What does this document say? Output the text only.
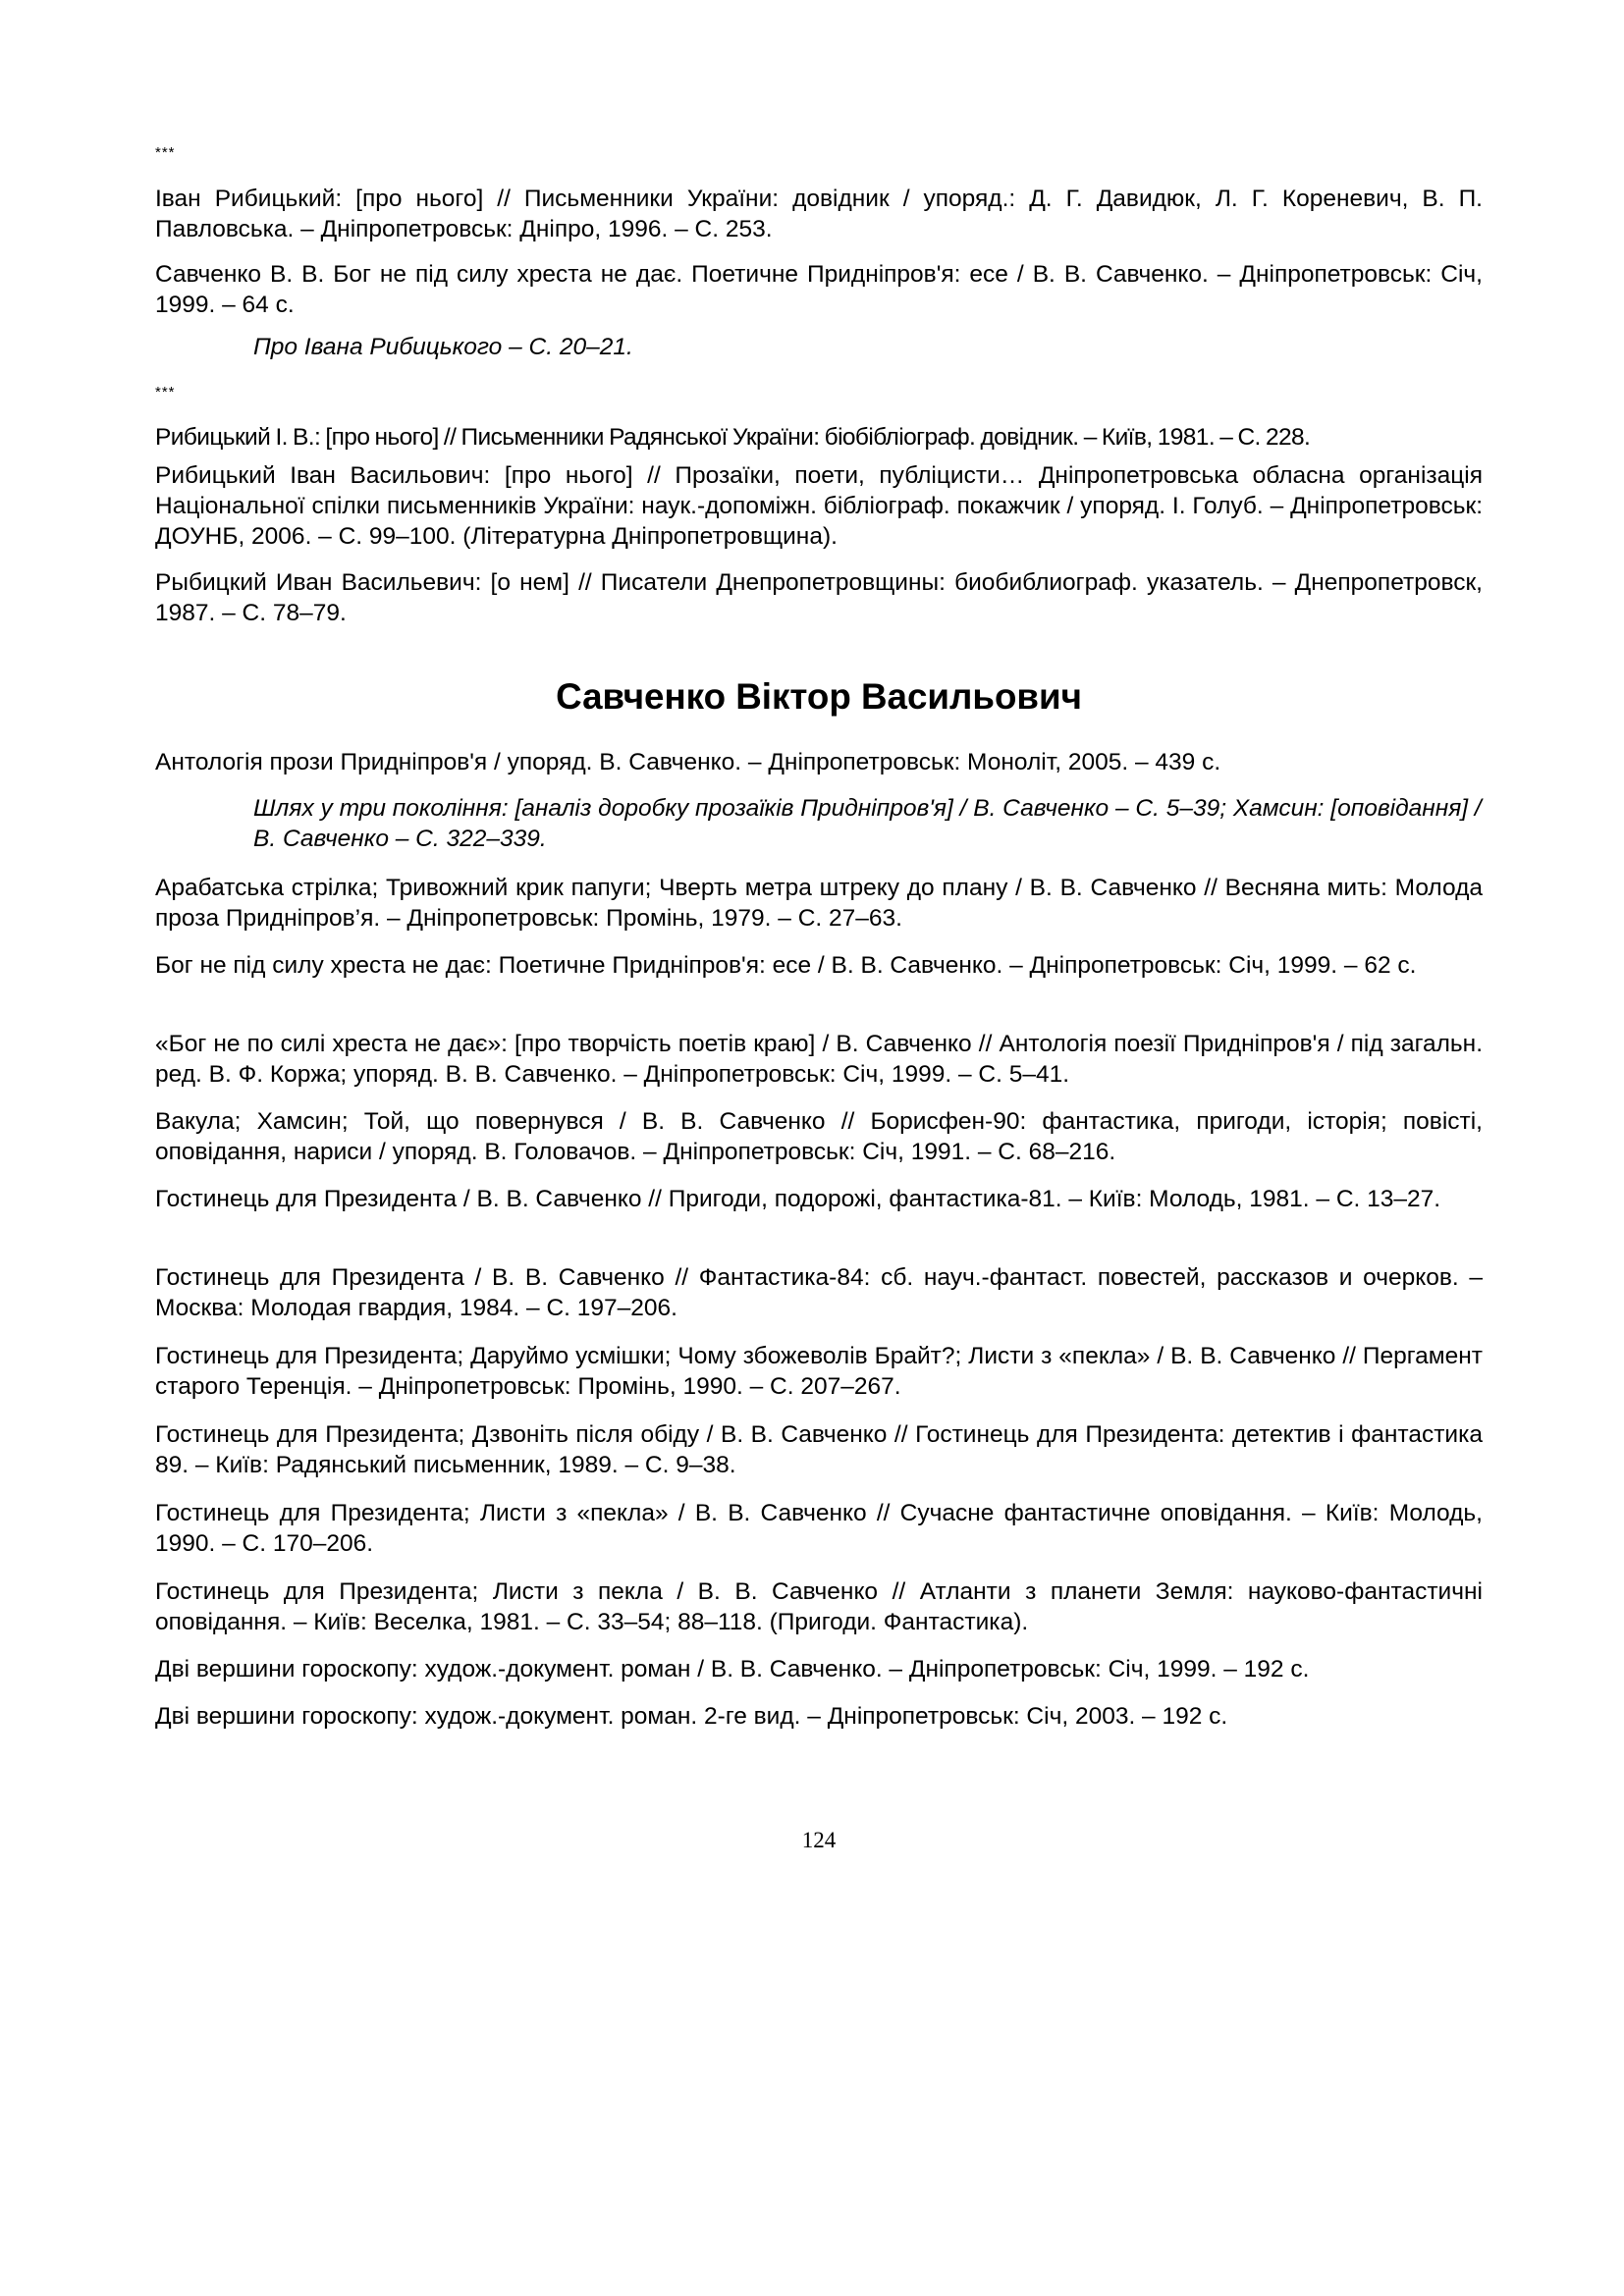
***

Іван Рибицький: [про нього] // Письменники України: довідник / упоряд.: Д. Г. Давидюк, Л. Г. Кореневич, В. П. Павловська. – Дніпропетровськ: Дніпро, 1996. – С. 253.

Савченко В. В. Бог не під силу хреста не дає. Поетичне Придніпров'я: есе / В. В. Савченко. – Дніпропетровськ: Січ, 1999. – 64 с.

Про Івана Рибицького – С. 20–21.

***

Рибицький І. В.: [про нього] // Письменники Радянської України: біобібліограф. довідник. – Київ, 1981. – С. 228.

Рибицький Іван Васильович: [про нього] // Прозаїки, поети, публіцисти… Дніпропетровська обласна організація Національної спілки письменників України: наук.-допоміжн. бібліограф. покажчик / упоряд. І. Голуб. – Дніпропетровськ: ДОУНБ, 2006. – С. 99–100. (Літературна Дніпропетровщина).

Рыбицкий Иван Васильевич: [о нем] // Писатели Днепропетровщины: биобиблиограф. указатель. – Днепропетровск, 1987. – С. 78–79.

Савченко Віктор Васильович

Антологія прози Придніпров'я / упоряд. В. Савченко. – Дніпропетровськ: Моноліт, 2005. – 439 с.

Шлях у три покоління: [аналіз доробку прозаїків Придніпров'я] / В. Савченко – С. 5–39; Хамсин: [оповідання] / В. Савченко – С. 322–339.

Арабатська стрілка; Тривожний крик папуги; Чверть метра штреку до плану / В. В. Савченко // Весняна мить: Молода проза Придніпров’я. – Дніпропетровськ: Промінь, 1979. – С. 27–63.

Бог не під силу хреста не дає: Поетичне Придніпров'я: есе / В. В. Савченко. – Дніпропетровськ: Січ, 1999. – 62 с.

«Бог не по силі хреста не дає»: [про творчість поетів краю] / В. Савченко // Антологія поезії Придніпров'я / під загальн. ред. В. Ф. Коржа; упоряд. В. В. Савченко. – Дніпропетровськ: Січ, 1999. – С. 5–41.

Вакула; Хамсин; Той, що повернувся / В. В. Савченко // Борисфен-90: фантастика, пригоди, історія; повісті, оповідання, нариси / упоряд. В. Головачов. – Дніпропетровськ: Січ, 1991. – С. 68–216.

Гостинець для Президента / В. В. Савченко // Пригоди, подорожі, фантастика-81. – Київ: Молодь, 1981. – С. 13–27.

Гостинець для Президента / В. В. Савченко // Фантастика-84: сб. науч.-фантаст. повестей, рассказов и очерков. – Москва: Молодая гвардия, 1984. – С. 197–206.

Гостинець для Президента; Даруймо усмішки; Чому збожеволів Брайт?; Листи з «пекла» / В. В. Савченко // Пергамент старого Теренція. – Дніпропетровськ: Промінь, 1990. – С. 207–267.

Гостинець для Президента; Дзвоніть після обіду / В. В. Савченко // Гостинець для Президента: детектив і фантастика 89. – Київ: Радянський письменник, 1989. – С. 9–38.

Гостинець для Президента; Листи з «пекла» / В. В. Савченко // Сучасне фантастичне оповідання. – Київ: Молодь, 1990. – С. 170–206.

Гостинець для Президента; Листи з пекла / В. В. Савченко // Атланти з планети Земля: науково-фантастичні оповідання. – Київ: Веселка, 1981. – С. 33–54; 88–118. (Пригоди. Фантастика).

Дві вершини гороскопу: худож.-документ. роман / В. В. Савченко. – Дніпропетровськ: Січ, 1999. – 192 с.

Дві вершини гороскопу: худож.-документ. роман. 2-ге вид. – Дніпропетровськ: Січ, 2003. – 192 с.

124
